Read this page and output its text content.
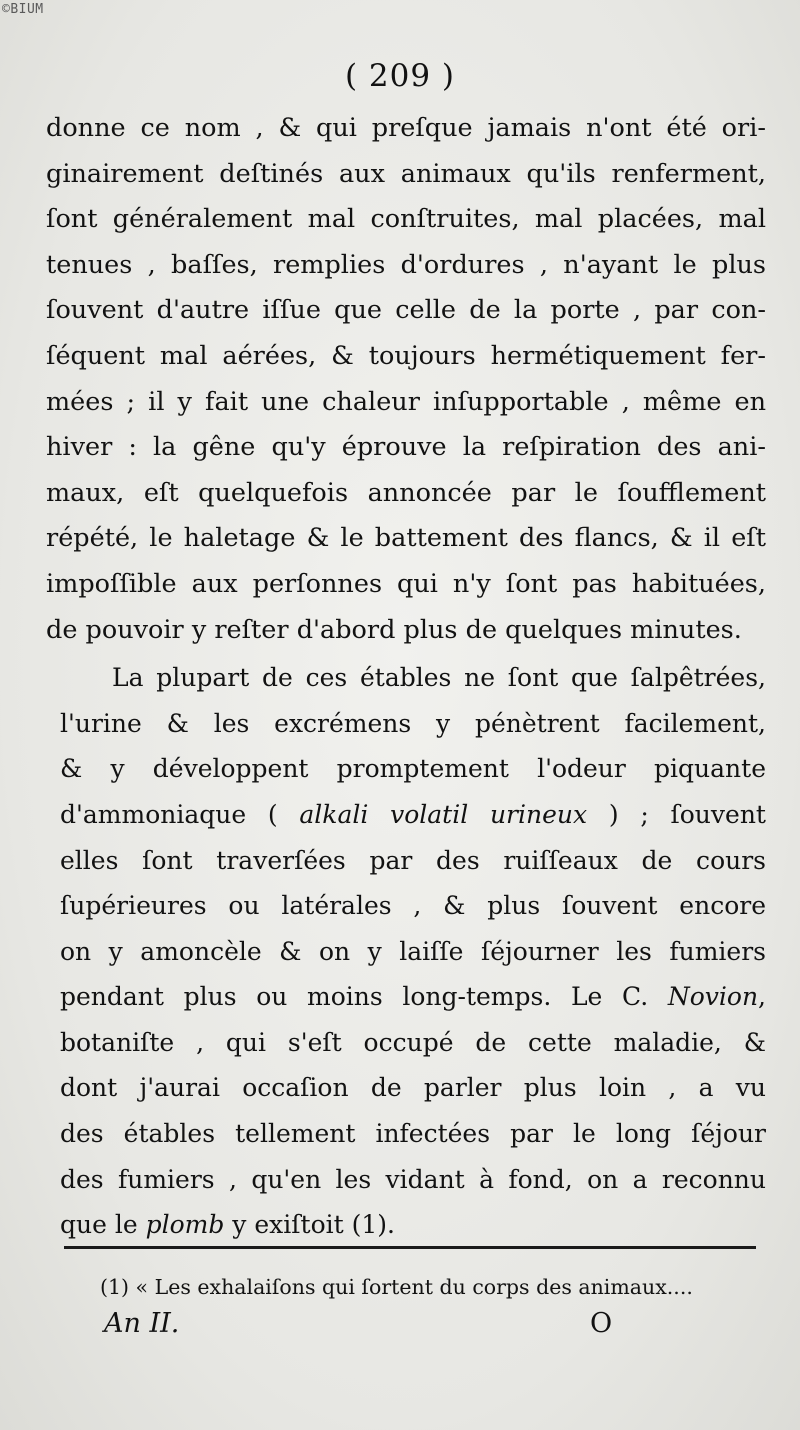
©BIUM
( 209 )
donne ce nom , & qui preſque jamais n'ont été ori-
ginairement deſtinés aux animaux qu'ils renferment,
ſont généralement mal conſtruites, mal placées, mal
tenues , baſſes, remplies d'ordures , n'ayant le plus
ſouvent d'autre iſſue que celle de la porte , par con-
ſéquent mal aérées, & toujours hermétiquement fer-
mées ; il y fait une chaleur inſupportable , même en
hiver : la gêne qu'y éprouve la reſpiration des ani-
maux, eſt quelquefois annoncée par le ſoufflement
répété, le haletage & le battement des flancs, & il eſt
impoſſible aux perſonnes qui n'y ſont pas habituées,
de pouvoir y reſter d'abord plus de quelques minutes.
La plupart de ces étables ne ſont que ſalpêtrées,
l'urine & les excrémens y pénètrent facilement,
& y développent promptement l'odeur piquante
d'ammoniaque ( alkali volatil urineux ) ; ſouvent
elles ſont traverſées par des ruiſſeaux de cours
ſupérieures ou latérales , & plus ſouvent encore
on y amoncèle & on y laiſſe ſéjourner les fumiers
pendant plus ou moins long-temps. Le C. Novion,
botaniſte , qui s'eſt occupé de cette maladie, &
dont j'aurai occaſion de parler plus loin , a vu
des étables tellement infectées par le long ſéjour
des fumiers , qu'en les vidant à fond, on a reconnu
que le plomb y exiſtoit (1).
(1) « Les exhalaiſons qui ſortent du corps des animaux....
An II.	O
